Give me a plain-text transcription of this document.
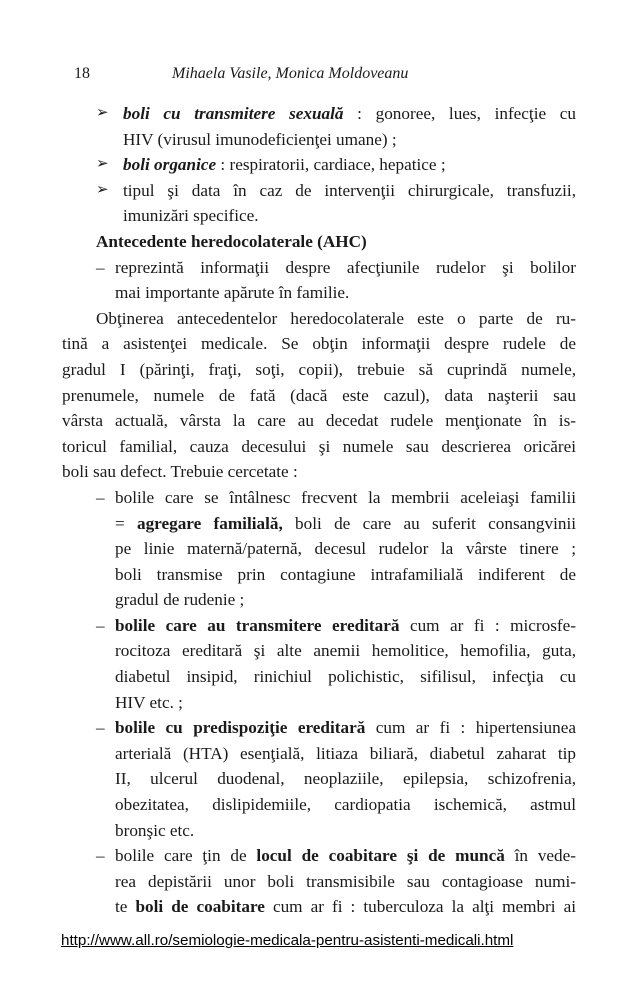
18	Mihaela Vasile, Monica Moldoveanu
➢ boli cu transmitere sexuală : gonoree, lues, infecţie cu
HIV (virusul imunodeficienţei umane) ;
➢ boli organice : respiratorii, cardiace, hepatice ;
➢ tipul şi data în caz de intervenţii chirurgicale, transfuzii,
imunizări specifice.
Antecedente heredocolaterale (AHC)
– reprezintă informaţii despre afecţiunile rudelor şi bolilor
mai importante apărute în familie.
Obţinerea antecedentelor heredocolaterale este o parte de ru-
tină a asistenţei medicale. Se obţin informaţii despre rudele de
gradul I (părinţi, fraţi, soţi, copii), trebuie să cuprindă numele,
prenumele, numele de fată (dacă este cazul), data naşterii sau
vârsta actuală, vârsta la care au decedat rudele menţionate în is-
toricul familial, cauza decesului şi numele sau descrierea oricărei
boli sau defect. Trebuie cercetate :
– bolile care se întâlnesc frecvent la membrii aceleiaşi familii
= agregare familială, boli de care au suferit consangvinii
pe linie maternă/paternă, decesul rudelor la vârste tinere ;
boli transmise prin contagiune intrafamilială indiferent de
gradul de rudenie ;
– bolile care au transmitere ereditară cum ar fi : microsfe-
rocitoza ereditară şi alte anemii hemolitice, hemofilia, guta,
diabetul insipid, rinichiul polichistic, sifilisul, infecţia cu
HIV etc. ;
– bolile cu predispoziţie ereditară cum ar fi : hipertensiunea
arterială (HTA) esenţială, litiaza biliară, diabetul zaharat tip
II, ulcerul duodenal, neoplaziile, epilepsia, schizofrenia,
obezitatea, dislipidemiile, cardiopatia ischemică, astmul
bronşic etc.
– bolile care ţin de locul de coabitare şi de muncă în vede-
rea depistării unor boli transmisibile sau contagioase numi-
te boli de coabitare cum ar fi : tuberculoza la alţi membri ai
http://www.all.ro/semiologie-medicala-pentru-asistenti-medicali.html
